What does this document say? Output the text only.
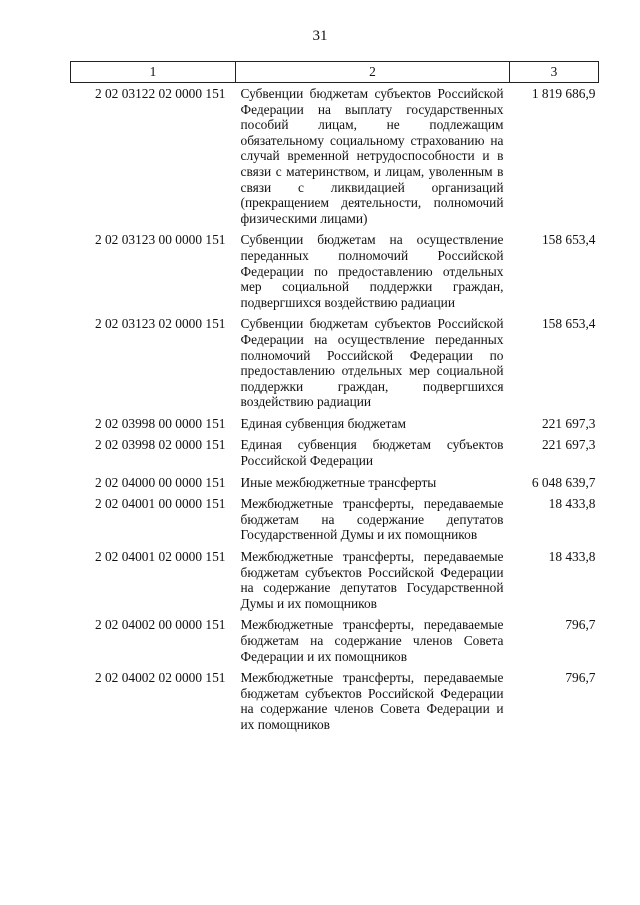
31
1	2	3
2 02 03122 02 0000 151	Субвенции бюджетам субъектов Российской Федерации на выплату государственных пособий лицам, не подлежащим обязательному социальному страхованию на случай временной нетрудоспособности и в связи с материнством, и лицам, уволенным в связи с ликвидацией организаций (прекращением деятельности, полномочий физическими лицами)	1 819 686,9
2 02 03123 00 0000 151	Субвенции бюджетам на осуществление переданных полномочий Российской Федерации по предоставлению отдельных мер социальной поддержки граждан, подвергшихся воздействию радиации	158 653,4
2 02 03123 02 0000 151	Субвенции бюджетам субъектов Российской Федерации на осуществление переданных полномочий Российской Федерации по предоставлению отдельных мер социальной поддержки граждан, подвергшихся воздействию радиации	158 653,4
2 02 03998 00 0000 151	Единая субвенция бюджетам	221 697,3
2 02 03998 02 0000 151	Единая субвенция бюджетам субъектов Российской Федерации	221 697,3
2 02 04000 00 0000 151	Иные межбюджетные трансферты	6 048 639,7
2 02 04001 00 0000 151	Межбюджетные трансферты, передаваемые бюджетам на содержание депутатов Государственной Думы и их помощников	18 433,8
2 02 04001 02 0000 151	Межбюджетные трансферты, передаваемые бюджетам субъектов Российской Федерации на содержание депутатов Государственной Думы и их помощников	18 433,8
2 02 04002 00 0000 151	Межбюджетные трансферты, передаваемые бюджетам на содержание членов Совета Федерации и их помощников	796,7
2 02 04002 02 0000 151	Межбюджетные трансферты, передаваемые бюджетам субъектов Российской Федерации на содержание членов Совета Федерации и их помощников	796,7
